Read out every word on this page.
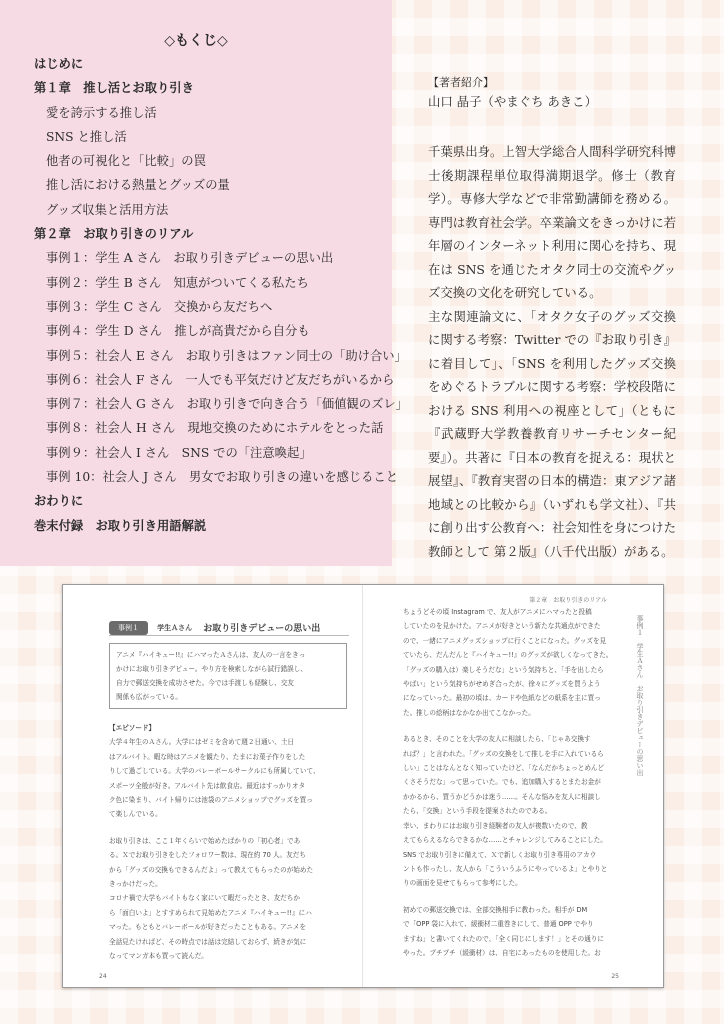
◇もくじ◇
はじめに
第１章　推し活とお取り引き
愛を誇示する推し活
SNS と推し活
他者の可視化と「比較」の罠
推し活における熱量とグッズの量
グッズ収集と活用方法
第２章　お取り引きのリアル
事例１：学生 A さん　お取り引きデビューの思い出
事例２：学生 B さん　知恵がついてくる私たち
事例３：学生 C さん　交換から友だちへ
事例４：学生 D さん　推しが高貴だから自分も
事例５：社会人 E さん　お取り引きはファン同士の「助け合い」
事例６：社会人 F さん　一人でも平気だけど友だちがいるから
事例７：社会人 G さん　お取り引きで向き合う「価値観のズレ」
事例８：社会人 H さん　現地交換のためにホテルをとった話
事例９：社会人 I さん　SNS での「注意喚起」
事例 10：社会人 J さん　男女でお取り引きの違いを感じること
おわりに
巻末付録　お取り引き用語解説
【著者紹介】
山口 晶子（やまぐち あきこ）

千葉県出身。上智大学総合人間科学研究科博士後期課程単位取得満期退学。修士（教育学）。専修大学などで非常勤講師を務める。専門は教育社会学。卒業論文をきっかけに若年層のインターネット利用に関心を持ち、現在は SNS を通じたオタク同士の交流やグッズ交換の文化を研究している。

主な関連論文に、「オタク女子のグッズ交換に関する考察：Twitter での『お取り引き』に着目して」、「SNS を利用したグッズ交換をめぐるトラブルに関する考察：学校段階における SNS 利用への視座として」（ともに『武蔵野大学教養教育リサーチセンター紀要』）。共著に『日本の教育を捉える：現状と展望』、『教育実習の日本的構造：東アジア諸地域との比較から』（いずれも学文社）、『共に創り出す公教育へ：社会知性を身につけた教師として 第２版』（八千代出版）がある。

事例１	学生Ａさん お取り引きデビューの思い出
アニメ『ハイキュー!!』にハマったＡさんは、友人の一言をきっ
かけにお取り引きデビュー。やり方を検索しながら試行錯誤し、
自力で郵送交換を成功させた。今では手渡しも経験し、交友
関係も広がっている。
【エピソード】
大学４年生のＡさん。大学にはゼミを含めて週２日通い、土日
はアルバイト。暇な時はアニメを観たり、たまにお菓子作りをした
りして過ごしている。大学のバレーボールサークルにも所属していて、
スポーツ全般が好き。アルバイト先は飲食店。最近はすっかりオタ
ク色に染まり、バイト帰りには池袋のアニメショップでグッズを買っ
て楽しんでいる。
お取り引きは、ここ１年くらいで始めたばかりの「初心者」であ
る。Ｘでお取り引きをしたフォロワー数は、現在約 70 人。友だち
から「グッズの交換もできるんだよ」って教えてもらったのが始めた
きっかけだった。
コロナ禍で大学もバイトもなく家にいて暇だったとき、友だちか
ら「面白いよ」とすすめられて見始めたアニメ『ハイキュー!!』にハ
マった。もともとバレーボールが好きだったこともある。アニメを
全話見たければど、その時点では話は完結しておらず、続きが気に
なってマンガ本も買って読んだ。
24
第２章　お取り引きのリアル
ちょうどその頃 Instagram で、友人がアニメにハマったと投稿
していたのを見かけた。アニメが好きという新たな共通点ができた
ので、一緒にアニメグッズショップに行くことになった。グッズを見
ていたら、だんだんと『ハイキュー!!』のグッズが欲しくなってきた。
「グッズの購入は）楽しそうだな」という気持ちと、「手を出したら
やばい」という気持ちがせめぎ合ったが、徐々にグッズを買うよう
になっていった。最初の頃は、カードや色紙などの紙系を主に買っ
た。推しの絵柄はなかなか出てこなかった。
あるとき、そのことを大学の友人に相談したら、「じゃあ交換す
れば？」と言われた。「グッズの交換をして推しを手に入れているら
しい」ことはなんとなく知っていたけど、「なんだかちょっとめんど
くさそうだな」って思っていた。でも、追加購入するとまたお金が
かかるから、買うかどうかは迷う……。そんな悩みを友人に相談し
たら、「交換」という手段を提案されたのである。
幸い、まわりにはお取り引き経験者の友人が複数いたので、教
えてもらえるならできるかな……とチャレンジしてみることにした。
SNS でお取り引きに備えて、Ｘで新しくお取り引き専用のアカウ
ントも作ったし、友人から「こういうふうにやっているよ」とやりと
りの画面を見せてもらって参考にした。
初めての郵送交換では、全部交換相手に教わった。相手が DM
で「OPP 袋に入れて、緩衝材二重巻きにして、普通 OPP でやり
ますね」と書いてくれたので、「全く同じにします！」とその通りに
やった。プチプチ（緩衝材）は、自宅にあったものを使用した。お
事例１　学生Ａさん　お取り引きデビューの思い出
25
